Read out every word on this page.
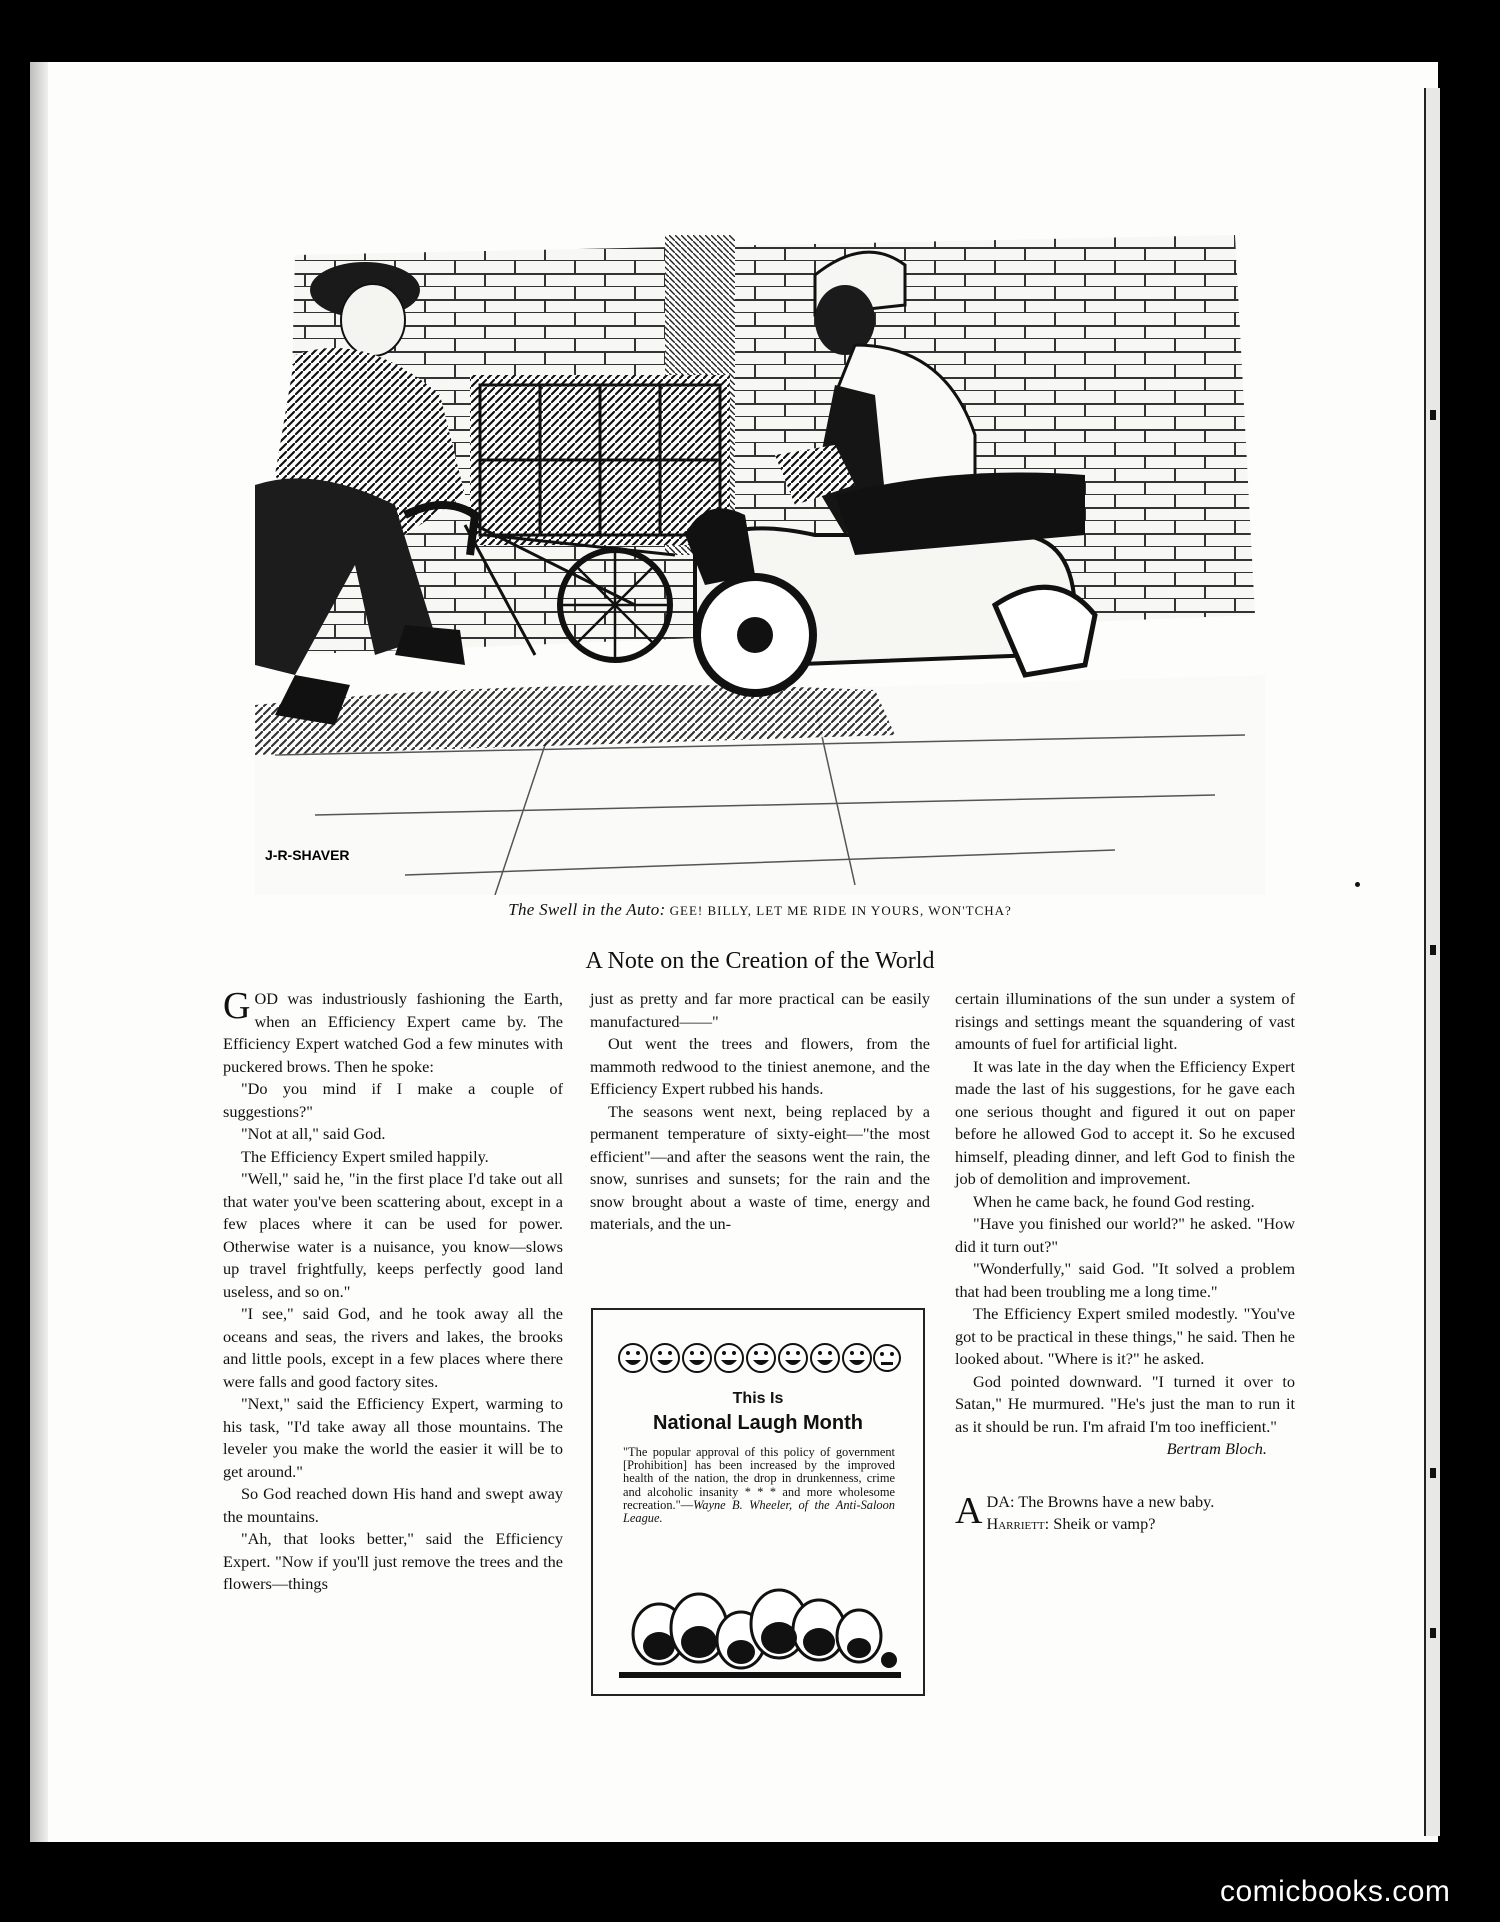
J-R-SHAVER
The Swell in the Auto: GEE! BILLY, LET ME RIDE IN YOURS, WON'TCHA?
A Note on the Creation of the World

GOD was industriously fashioning the Earth, when an Efficiency Expert came by. The Efficiency Expert watched God a few minutes with puckered brows. Then he spoke:

"Do you mind if I make a couple of suggestions?"

"Not at all," said God.

The Efficiency Expert smiled happily.

"Well," said he, "in the first place I'd take out all that water you've been scattering about, except in a few places where it can be used for power. Otherwise water is a nuisance, you know—slows up travel frightfully, keeps perfectly good land useless, and so on."

"I see," said God, and he took away all the oceans and seas, the rivers and lakes, the brooks and little pools, except in a few places where there were falls and good factory sites.

"Next," said the Efficiency Expert, warming to his task, "I'd take away all those mountains. The leveler you make the world the easier it will be to get around."

So God reached down His hand and swept away the mountains.

"Ah, that looks better," said the Efficiency Expert. "Now if you'll just remove the trees and the flowers—things

just as pretty and far more practical can be easily manufactured——"

Out went the trees and flowers, from the mammoth redwood to the tiniest anemone, and the Efficiency Expert rubbed his hands.

The seasons went next, being replaced by a permanent temperature of sixty-eight—"the most efficient"—and after the seasons went the rain, the snow, sunrises and sunsets; for the rain and the snow brought about a waste of time, energy and materials, and the un-

certain illuminations of the sun under a system of risings and settings meant the squandering of vast amounts of fuel for artificial light.

It was late in the day when the Efficiency Expert made the last of his suggestions, for he gave each one serious thought and figured it out on paper before he allowed God to accept it. So he excused himself, pleading dinner, and left God to finish the job of demolition and improvement.

When he came back, he found God resting.

"Have you finished our world?" he asked. "How did it turn out?"

"Wonderfully," said God. "It solved a problem that had been troubling me a long time."

The Efficiency Expert smiled modestly. "You've got to be practical in these things," he said. Then he looked about. "Where is it?" he asked.

God pointed downward. "I turned it over to Satan," He murmured. "He's just the man to run it as it should be run. I'm afraid I'm too inefficient."

Bertram Bloch.

ADA: The Browns have a new baby.
Harriett: Sheik or vamp?

This Is
National Laugh Month
"The popular approval of this policy of government [Prohibition] has been increased by the improved health of the nation, the drop in drunkenness, crime and alcoholic insanity * * * and more wholesome recreation."—Wayne B. Wheeler, of the Anti-Saloon League.
comicbooks.com
